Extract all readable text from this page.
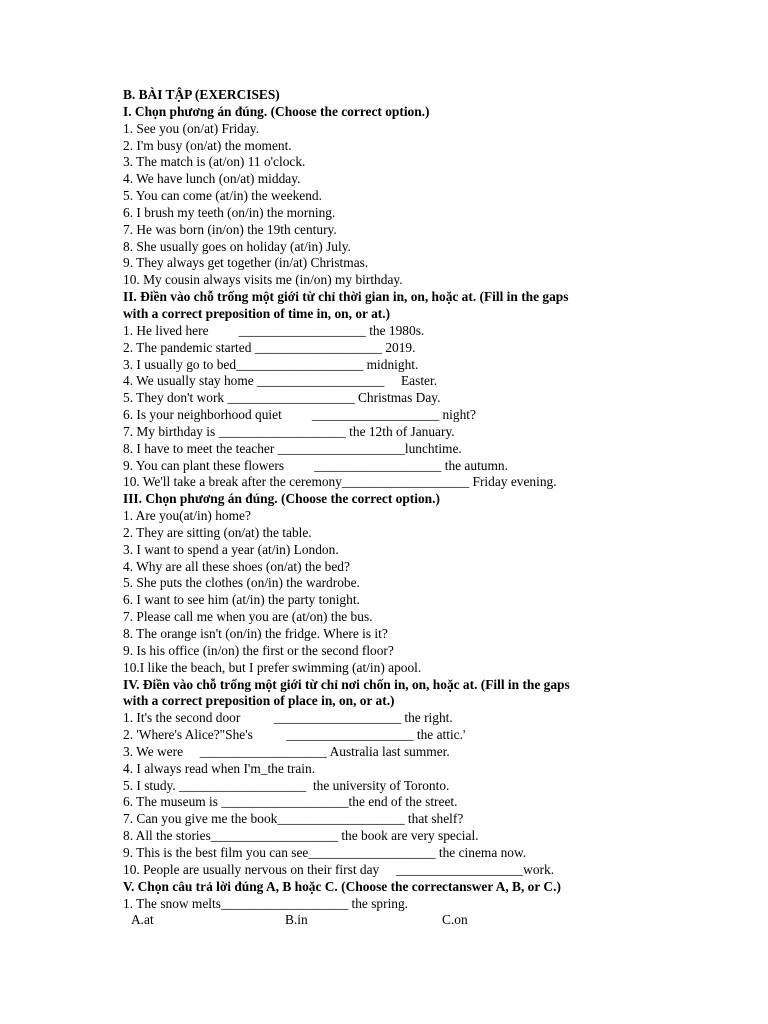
B. BÀI TẬP (EXERCISES)
I. Chọn phương án đúng. (Choose the correct option.)
1. See you (on/at) Friday.
2. I'm busy (on/at) the moment.
3. The match is (at/on) 11 o'clock.
4. We have lunch (on/at) midday.
5. You can come (at/in) the weekend.
6. I brush my teeth (on/in) the morning.
7. He was born (in/on) the 19th century.
8. She usually goes on holiday (at/in) July.
9. They always get together (in/at) Christmas.
10. My cousin always visits me (in/on) my birthday.
II. Điền vào chỗ trống một giới từ chỉ thời gian in, on, hoặc at. (Fill in the gaps
with a correct preposition of time in, on, or at.)
1. He lived here         ___________________ the 1980s.
2. The pandemic started ___________________ 2019.
3. I usually go to bed___________________ midnight.
4. We usually stay home ___________________     Easter.
5. They don't work ___________________ Christmas Day.
6. Is your neighborhood quiet         ___________________ night?
7. My birthday is ___________________ the 12th of January.
8. I have to meet the teacher ___________________lunchtime.
9. You can plant these flowers         ___________________ the autumn.
10. We'll take a break after the ceremony___________________ Friday evening.
III. Chọn phương án đúng. (Choose the correct option.)
1. Are you(at/in) home?
2. They are sitting (on/at) the table.
3. I want to spend a year (at/in) London.
4. Why are all these shoes (on/at) the bed?
5. She puts the clothes (on/in) the wardrobe.
6. I want to see him (at/in) the party tonight.
7. Please call me when you are (at/on) the bus.
8. The orange isn't (on/in) the fridge. Where is it?
9. Is his office (in/on) the first or the second floor?
10.I like the beach, but I prefer swimming (at/in) apool.
IV. Điền vào chỗ trống một giới từ chỉ nơi chốn in, on, hoặc at. (Fill in the gaps
with a correct preposition of place in, on, or at.)
1. It's the second door          ___________________ the right.
2. 'Where's Alice?"She's          ___________________ the attic.'
3. We were     ___________________ Australia last summer.
4. I always read when I'm_the train.
5. I study. ___________________  the university of Toronto.
6. The museum is ___________________the end of the street.
7. Can you give me the book___________________ that shelf?
8. All the stories___________________ the book are very special.
9. This is the best film you can see___________________ the cinema now.
10. People are usually nervous on their first day     ___________________work.
V. Chọn câu trả lời đúng A, B hoặc C. (Choose the correctanswer A, B, or C.)
1. The snow melts___________________ the spring.
A.at	B.in	C.on
